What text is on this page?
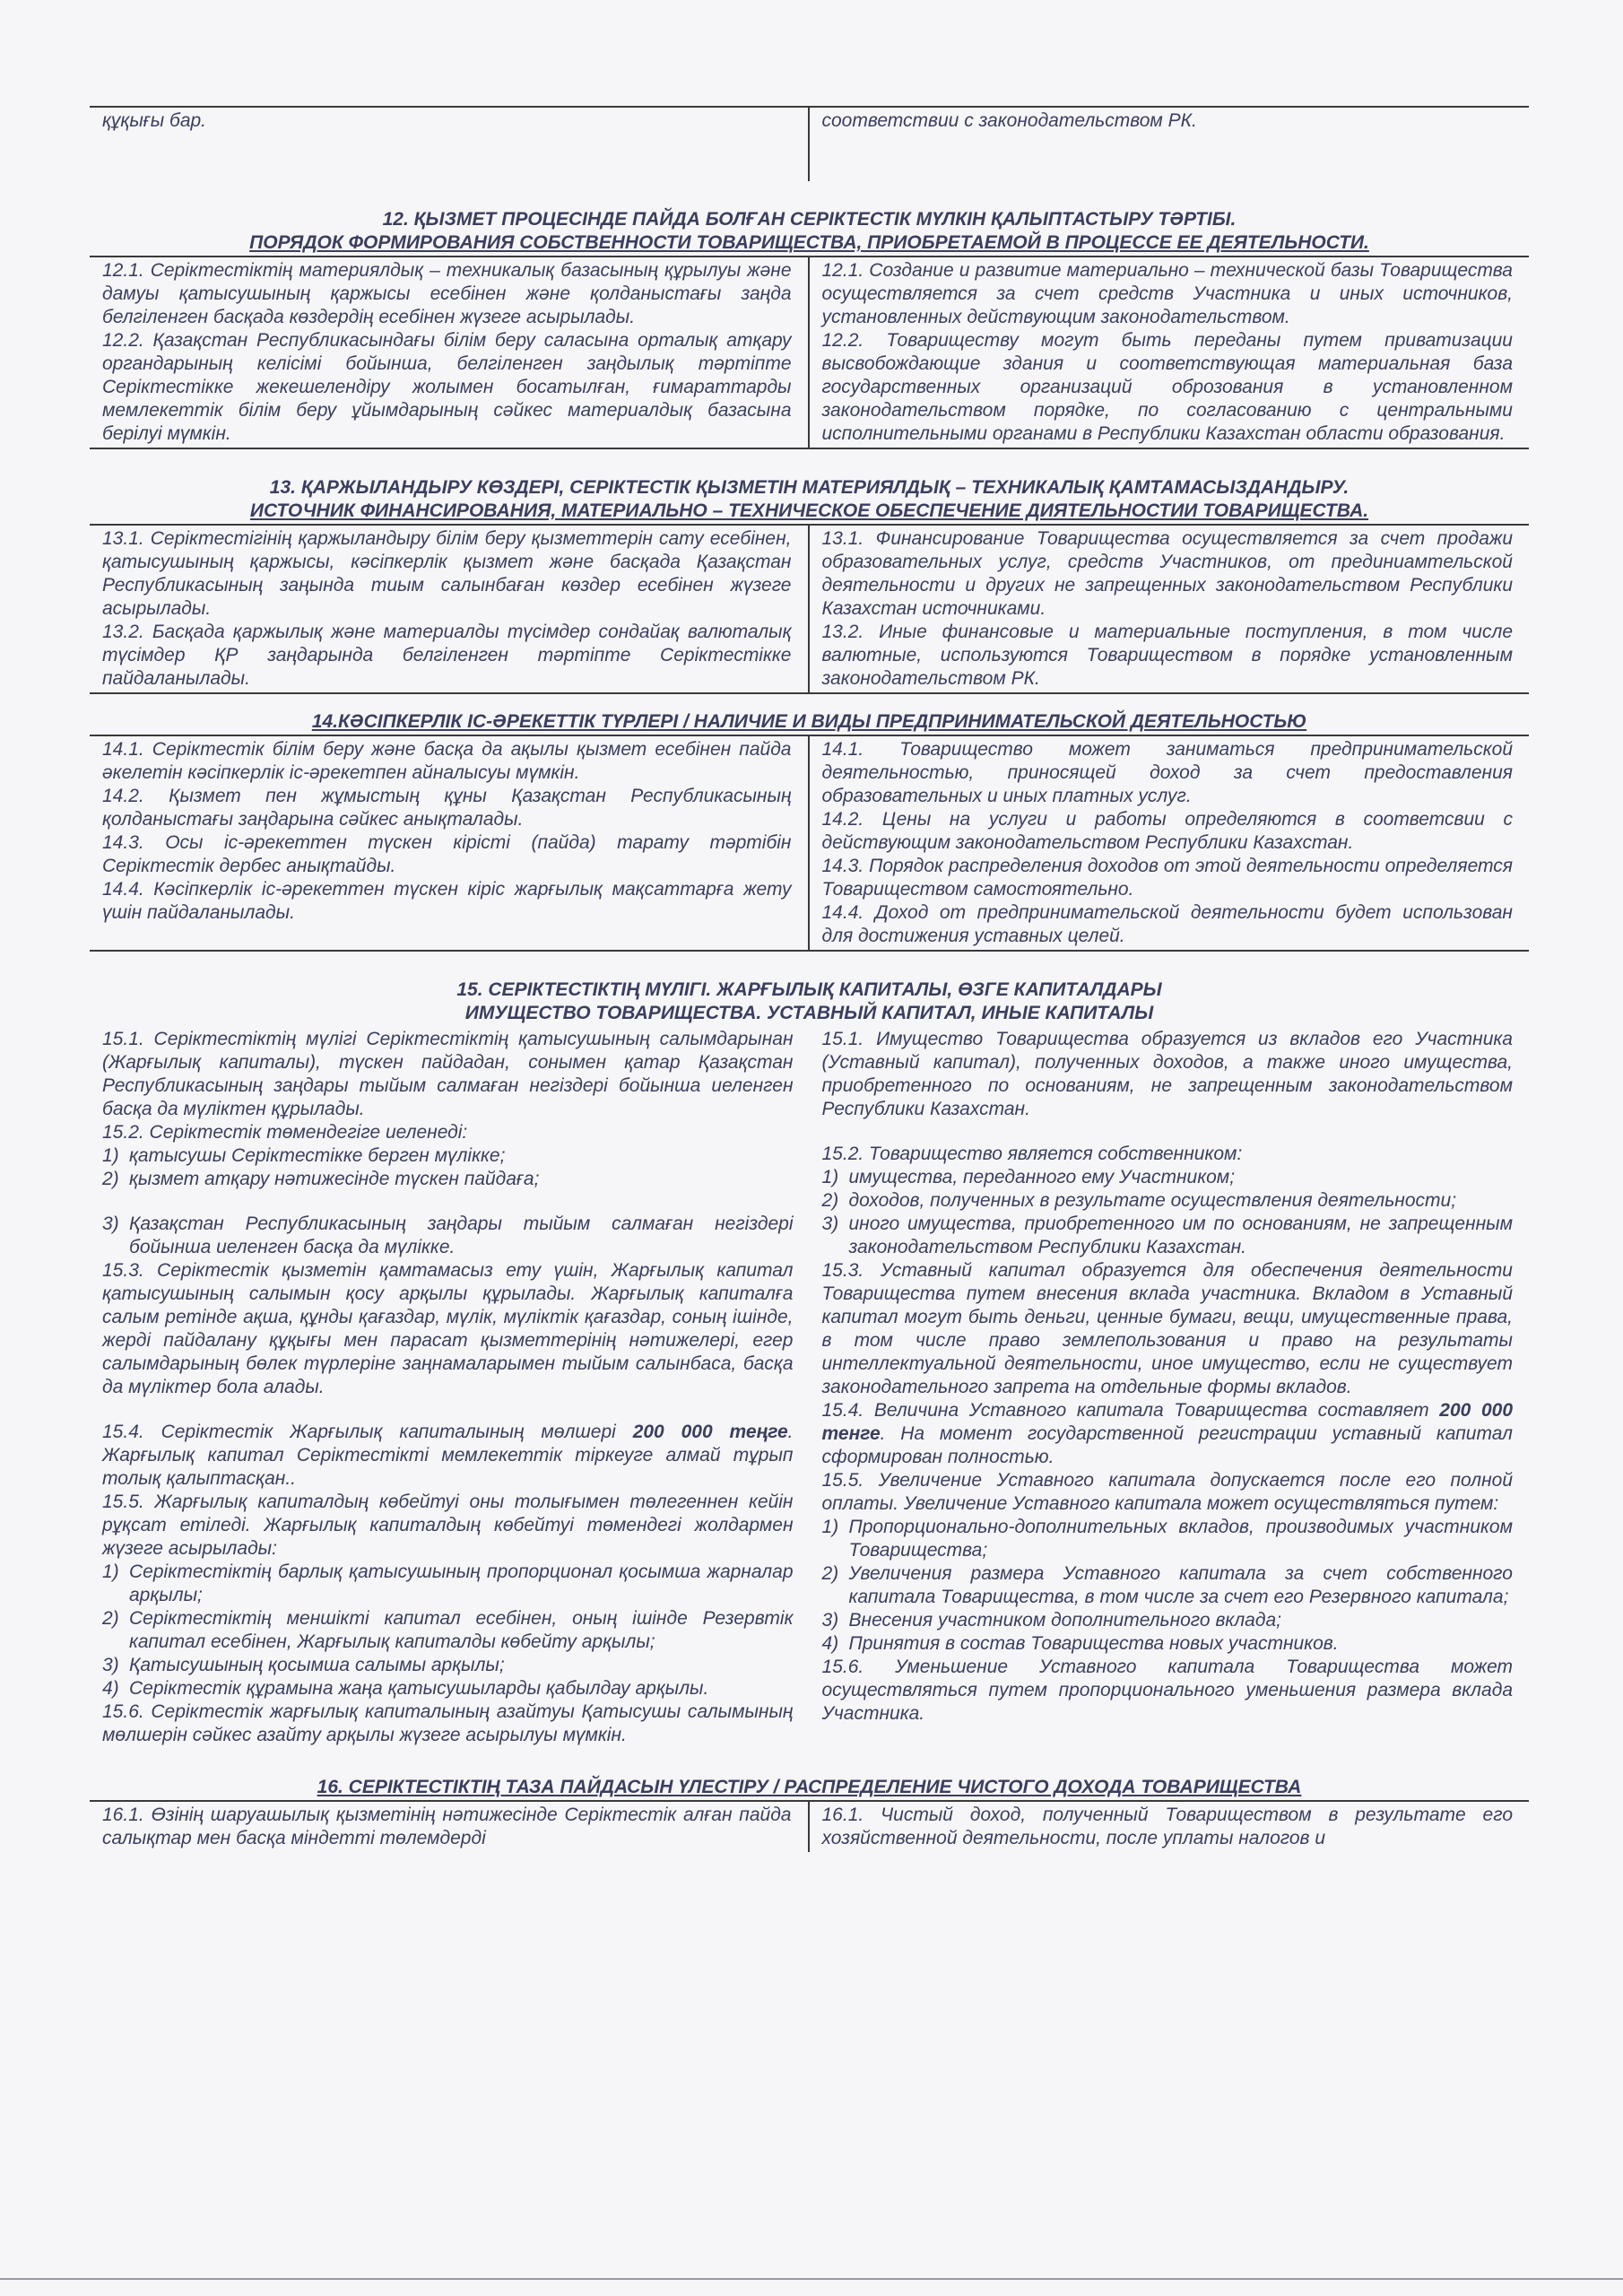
құқығы бар.	соответствии с законодательством РК.

12. ҚЫЗМЕТ ПРОЦЕСІНДЕ ПАЙДА БОЛҒАН СЕРІКТЕСТІК МҮЛКІН ҚАЛЫПТАСТЫРУ ТӘРТІБІ.
ПОРЯДОК ФОРМИРОВАНИЯ СОБСТВЕННОСТИ ТОВАРИЩЕСТВА, ПРИОБРЕТАЕМОЙ В ПРОЦЕССЕ ЕЕ ДЕЯТЕЛЬНОСТИ.

12.1. Серіктестіктің материялдық – техникалық базасының құрылуы және дамуы қатысушының қаржысы есебінен және қолданыстағы заңда белгіленген басқада көздердің есебінен жүзеге асырылады.

12.2. Қазақстан Республикасындағы білім беру саласына орталық атқару органдарының келісімі бойынша, белгіленген заңдылық тәртіпте Серіктестікке жекешелендіру жолымен босатылған, ғимараттарды мемлекеттік білім беру ұйымдарының сәйкес материалдық базасына берілуі мүмкін.

12.1. Создание и развитие материально – технической базы Товарищества осуществляется за счет средств Участника и иных источников, установленных действующим законодательством.

12.2. Товариществу могут быть переданы путем приватизации высвобождающие здания и соответствующая материальная база государственных организаций оброзования в установленном законодательством порядке, по согласованию с центральными исполнительными органами в Республики Казахстан области образования.

13. ҚАРЖЫЛАНДЫРУ КӨЗДЕРІ, СЕРІКТЕСТІК ҚЫЗМЕТІН МАТЕРИЯЛДЫҚ – ТЕХНИКАЛЫҚ ҚАМТАМАСЫЗДАНДЫРУ.
ИСТОЧНИК ФИНАНСИРОВАНИЯ, МАТЕРИАЛЬНО – ТЕХНИЧЕСКОЕ ОБЕСПЕЧЕНИЕ ДИЯТЕЛЬНОСТИИ ТОВАРИЩЕСТВА.

13.1. Серіктестігінің қаржыландыру білім беру қызметтерін сату есебінен, қатысушының қаржысы, кәсіпкерлік қызмет және басқада Қазақстан Республикасының заңында тиым салынбаған көздер есебінен жүзеге асырылады.

13.2. Басқада қаржылық және материалды түсімдер сондайақ валюталық түсімдер ҚР заңдарында белгіленген тәртіпте Серіктестікке пайдаланылады.

13.1. Финансирование Товарищества осуществляется за счет продажи образовательных услуг, средств Участников, от прединиамтельской деятельности и других не запрещенных законодательством Республики Казахстан источниками.

13.2. Иные финансовые и материальные поступления, в том числе валютные, используются Товариществом в порядке установленным законодательством РК.

14.КӘСІПКЕРЛІК ІС-ӘРЕКЕТТІК ТҮРЛЕРІ / НАЛИЧИЕ И ВИДЫ ПРЕДПРИНИМАТЕЛЬСКОЙ ДЕЯТЕЛЬНОСТЬЮ

14.1. Серіктестік білім беру және басқа да ақылы қызмет есебінен пайда әкелетін кәсіпкерлік іс-әрекетпен айналысуы мүмкін.

14.2. Қызмет пен жұмыстың құны Қазақстан Республикасының қолданыстағы заңдарына сәйкес анықталады.

14.3. Осы іс-әрекеттен түскен кірісті (пайда) тарату тәртібін Серіктестік дербес анықтайды.

14.4. Кәсіпкерлік іс-әрекеттен түскен кіріс жарғылық мақсаттарға жету үшін пайдаланылады.

14.1. Товарищество может заниматься предпринимательской деятельностью, приносящей доход за счет предоставления образовательных и иных платных услуг.

14.2. Цены на услуги и работы определяются в соответсвии с действующим законодательством Республики Казахстан.

14.3. Порядок распределения доходов от этой деятельности определяется Товариществом самостоятельно.

14.4. Доход от предпринимательской деятельности будет использован для достижения уставных целей.

15. СЕРІКТЕСТІКТІҢ МҮЛІГІ. ЖАРҒЫЛЫҚ КАПИТАЛЫ, ӨЗГЕ КАПИТАЛДАРЫ
ИМУЩЕСТВО ТОВАРИЩЕСТВА. УСТАВНЫЙ КАПИТАЛ, ИНЫЕ КАПИТАЛЫ

15.1. Серіктестіктің мүлігі Серіктестіктің қатысушының салымдарынан (Жарғылық капиталы), түскен пайдадан, сонымен қатар Қазақстан Республикасының заңдары тыйым салмаған негіздері бойынша иеленген басқа да мүліктен құрылады.

15.2. Серіктестік төмендегіге иеленеді:

1) қатысушы Серіктестікке берген мүлікке;
2) қызмет атқару нәтижесінде түскен пайдаға;
3) Қазақстан Республикасының заңдары тыйым салмаған негіздері бойынша иеленген басқа да мүлікке.

15.3. Серіктестік қызметін қамтамасыз ету үшін, Жарғылық капитал қатысушының салымын қосу арқылы құрылады. Жарғылық капиталға салым ретінде ақша, құнды қағаздар, мүлік, мүліктік қағаздар, соның ішінде, жерді пайдалану құқығы мен парасат қызметтерінің нәтижелері, егер салымдарының бөлек түрлеріне заңнамаларымен тыйым салынбаса, басқа да мүліктер бола алады.

15.4. Серіктестік Жарғылық капиталының мөлшері 200 000 теңге. Жарғылық капитал Серіктестікті мемлекеттік тіркеуге алмай тұрып толық қалыптасқан..

15.5. Жарғылық капиталдың көбейтуі оны толығымен төлегеннен кейін рұқсат етіледі. Жарғылық капиталдың көбейтуі төмендегі жолдармен жүзеге асырылады:

1) Серіктестіктің барлық қатысушының пропорционал қосымша жарналар арқылы;
2) Серіктестіктің меншікті капитал есебінен, оның ішінде Резервтік капитал есебінен, Жарғылық капиталды көбейту арқылы;
3) Қатысушының қосымша салымы арқылы;
4) Серіктестік құрамына жаңа қатысушыларды қабылдау арқылы.

15.6. Серіктестік жарғылық капиталының азайтуы Қатысушы салымының мөлшерін сәйкес азайту арқылы жүзеге асырылуы мүмкін.

15.1. Имущество Товарищества образуется из вкладов его Участника (Уставный капитал), полученных доходов, а также иного имущества, приобретенного по основаниям, не запрещенным законодательством Республики Казахстан.

15.2. Товарищество является собственником:

1) имущества, переданного ему Участником;
2) доходов, полученных в результате осуществления деятельности;
3) иного имущества, приобретенного им по основаниям, не запрещенным законодательством Республики Казахстан.

15.3. Уставный капитал образуется для обеспечения деятельности Товарищества путем внесения вклада участника. Вкладом в Уставный капитал могут быть деньги, ценные бумаги, вещи, имущественные права, в том числе право землепользования и право на результаты интеллектуальной деятельности, иное имущество, если не существует законодательного запрета на отдельные формы вкладов.

15.4. Величина Уставного капитала Товарищества составляет 200 000 тенге. На момент государственной регистрации уставный капитал сформирован полностью.

15.5. Увеличение Уставного капитала допускается после его полной оплаты. Увеличение Уставного капитала может осуществляться путем:

1) Пропорционально-дополнительных вкладов, производимых участником Товарищества;
2) Увеличения размера Уставного капитала за счет собственного капитала Товарищества, в том числе за счет его Резервного капитала;
3) Внесения участником дополнительного вклада;
4) Принятия в состав Товарищества новых участников.

15.6. Уменьшение Уставного капитала Товарищества может осуществляться путем пропорционального уменьшения размера вклада Участника.

16. СЕРІКТЕСТІКТІҢ ТАЗА ПАЙДАСЫН ҮЛЕСТІРУ / РАСПРЕДЕЛЕНИЕ ЧИСТОГО ДОХОДА ТОВАРИЩЕСТВА

16.1. Өзінің шаруашылық қызметінің нәтижесінде Серіктестік алған пайда салықтар мен басқа міндетті төлемдерді

16.1. Чистый доход, полученный Товариществом в результате его хозяйственной деятельности, после уплаты налогов и
